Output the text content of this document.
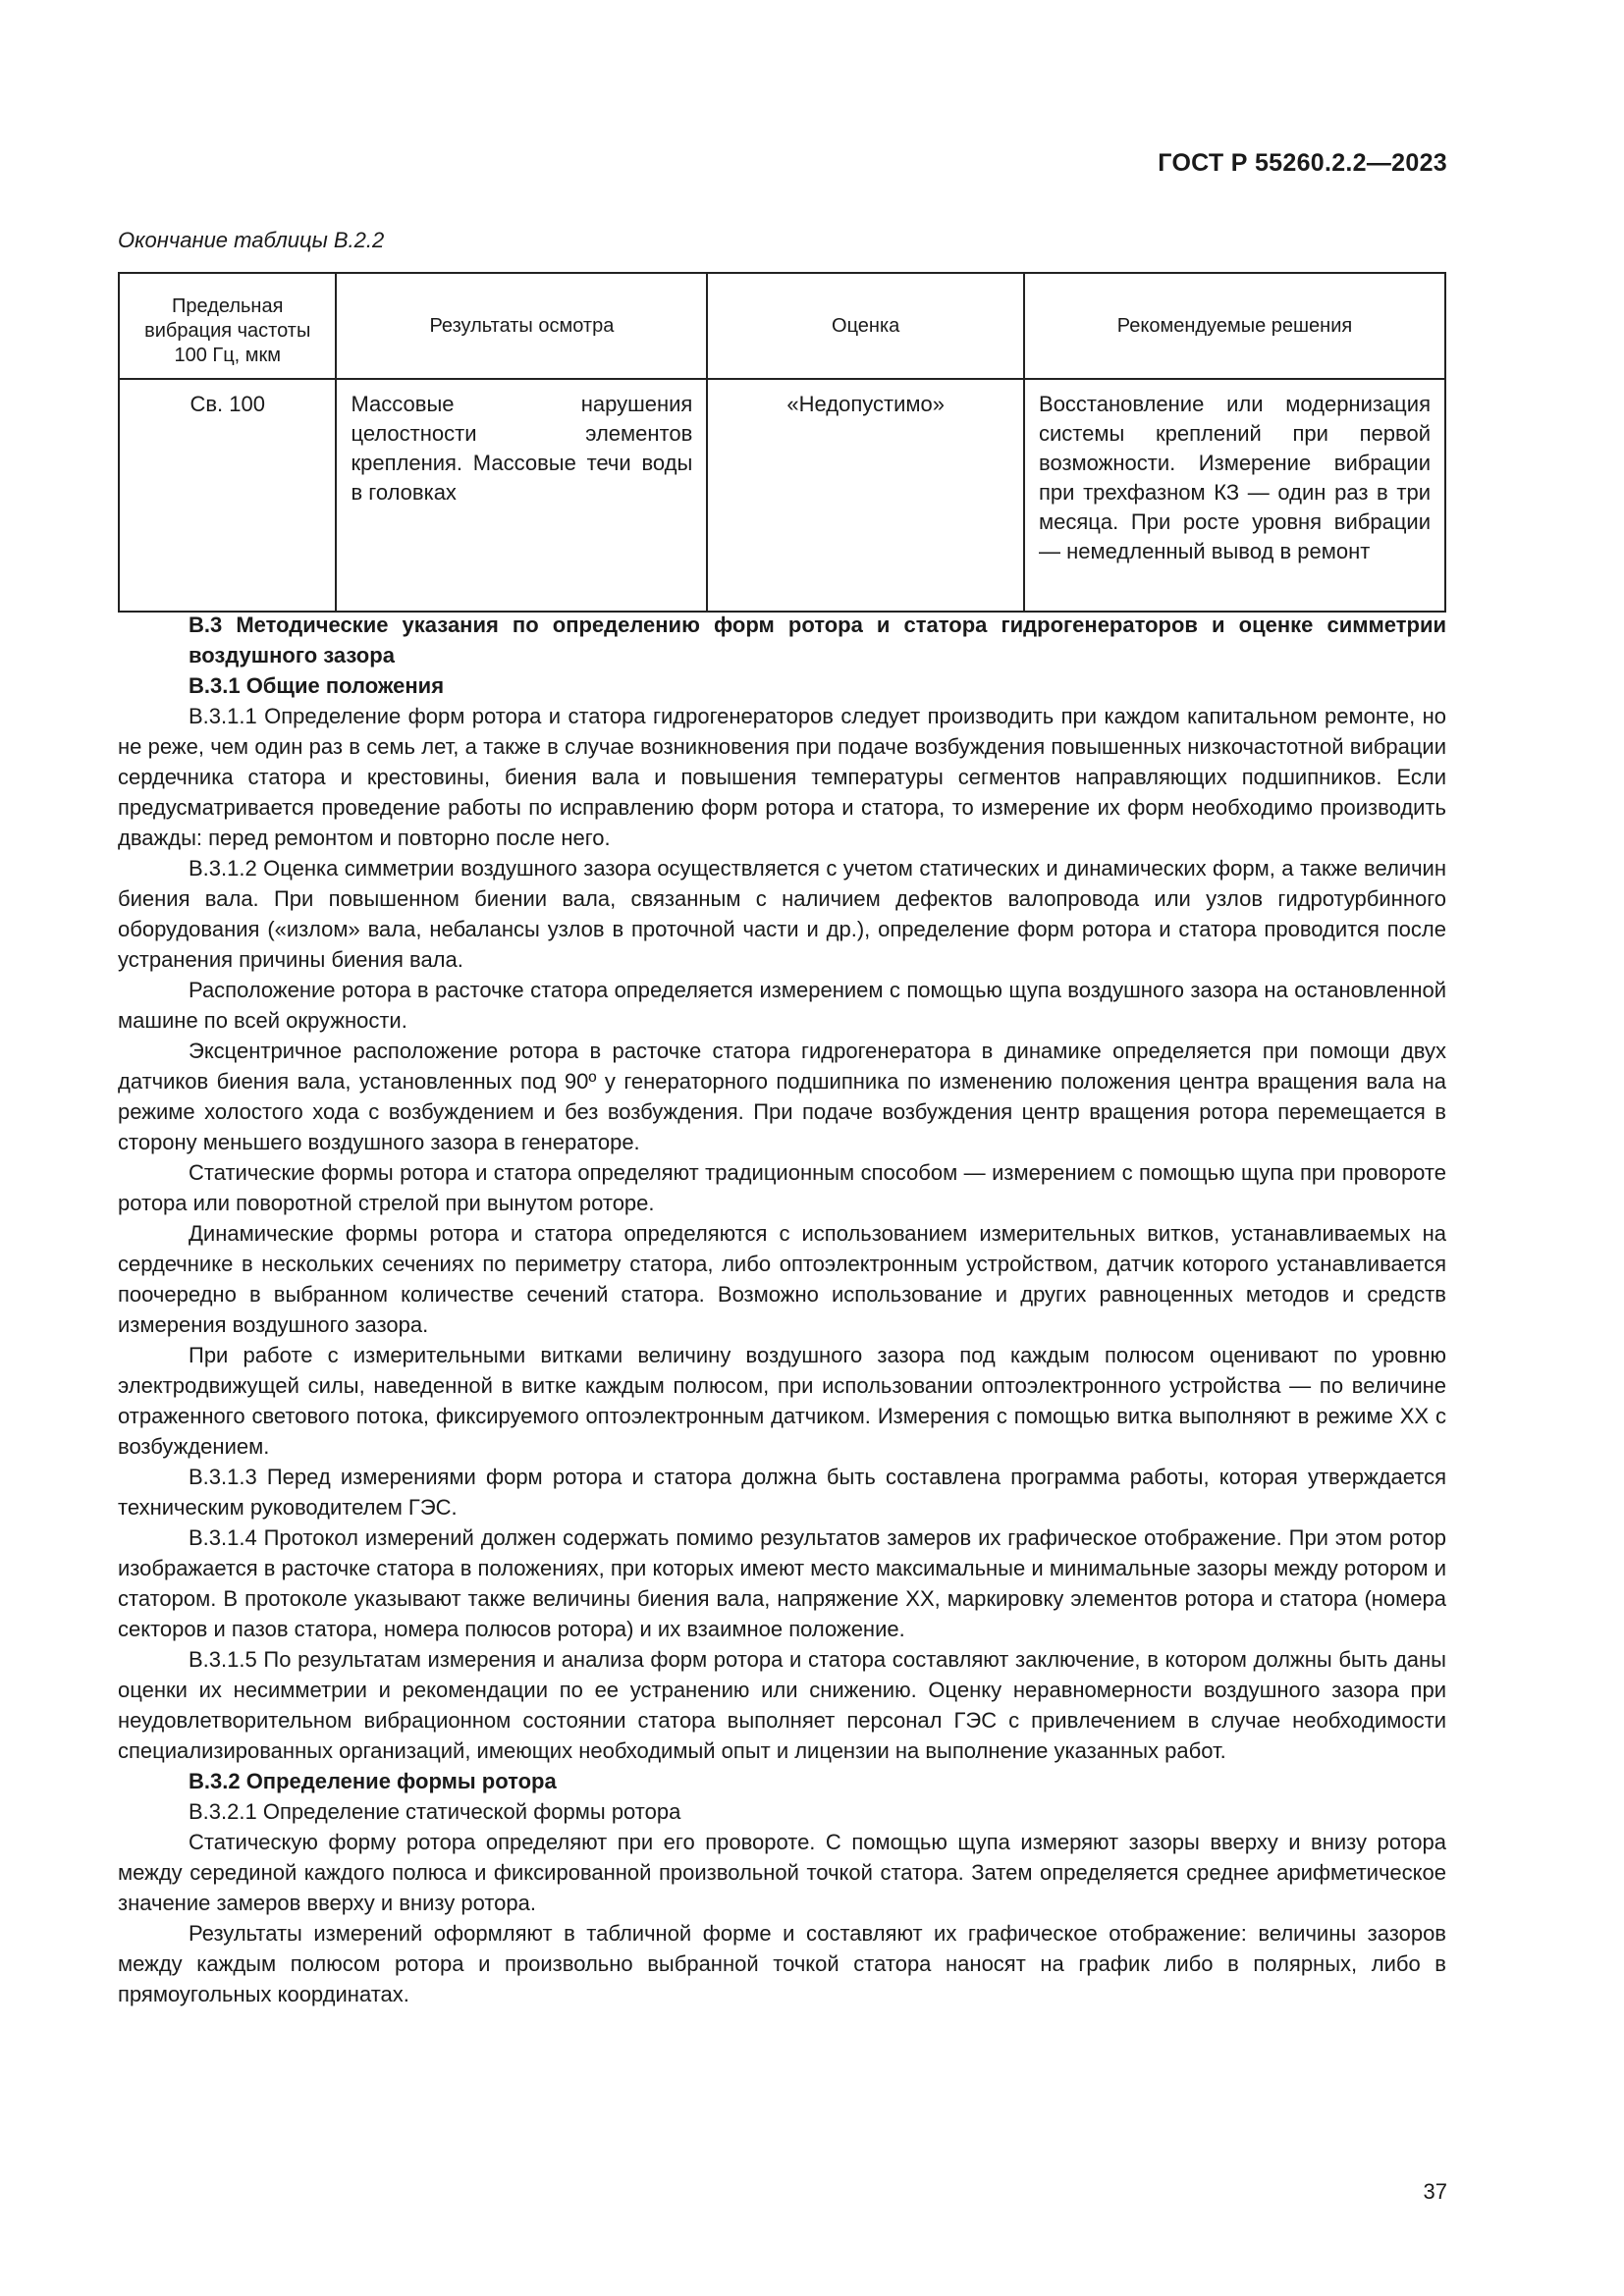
ГОСТ Р 55260.2.2—2023
Окончание таблицы В.2.2
Предельная вибрация частоты 100 Гц, мкм	Результаты осмотра	Оценка	Рекомендуемые решения

Св. 100	Массовые нарушения целостности элементов крепления. Массовые течи воды в головках	«Недопустимо»	Восстановление или модернизация системы креплений при первой возможности. Измерение вибрации при трехфазном КЗ — один раз в три месяца. При росте уровня вибрации — немедленный вывод в ремонт

В.3 Методические указания по определению форм ротора и статора гидрогенераторов и оценке симметрии воздушного зазора

В.3.1 Общие положения

В.3.1.1 Определение форм ротора и статора гидрогенераторов следует производить при каждом капитальном ремонте, но не реже, чем один раз в семь лет, а также в случае возникновения при подаче возбуждения повышенных низкочастотной вибрации сердечника статора и крестовины, биения вала и повышения температуры сегментов направляющих подшипников. Если предусматривается проведение работы по исправлению форм ротора и статора, то измерение их форм необходимо производить дважды: перед ремонтом и повторно после него.

В.3.1.2 Оценка симметрии воздушного зазора осуществляется с учетом статических и динамических форм, а также величин биения вала. При повышенном биении вала, связанным с наличием дефектов валопровода или узлов гидротурбинного оборудования («излом» вала, небалансы узлов в проточной части и др.), определение форм ротора и статора проводится после устранения причины биения вала.

Расположение ротора в расточке статора определяется измерением с помощью щупа воздушного зазора на остановленной машине по всей окружности.

Эксцентричное расположение ротора в расточке статора гидрогенератора в динамике определяется при помощи двух датчиков биения вала, установленных под 90º у генераторного подшипника по изменению положения центра вращения вала на режиме холостого хода с возбуждением и без возбуждения. При подаче возбуждения центр вращения ротора перемещается в сторону меньшего воздушного зазора в генераторе.

Статические формы ротора и статора определяют традиционным способом — измерением с помощью щупа при провороте ротора или поворотной стрелой при вынутом роторе.

Динамические формы ротора и статора определяются с использованием измерительных витков, устанавливаемых на сердечнике в нескольких сечениях по периметру статора, либо оптоэлектронным устройством, датчик которого устанавливается поочередно в выбранном количестве сечений статора. Возможно использование и других равноценных методов и средств измерения воздушного зазора.

При работе с измерительными витками величину воздушного зазора под каждым полюсом оценивают по уровню электродвижущей силы, наведенной в витке каждым полюсом, при использовании оптоэлектронного устройства — по величине отраженного светового потока, фиксируемого оптоэлектронным датчиком. Измерения с помощью витка выполняют в режиме ХХ с возбуждением.

В.3.1.3 Перед измерениями форм ротора и статора должна быть составлена программа работы, которая утверждается техническим руководителем ГЭС.

В.3.1.4 Протокол измерений должен содержать помимо результатов замеров их графическое отображение. При этом ротор изображается в расточке статора в положениях, при которых имеют место максимальные и минимальные зазоры между ротором и статором. В протоколе указывают также величины биения вала, напряжение ХХ, маркировку элементов ротора и статора (номера секторов и пазов статора, номера полюсов ротора) и их взаимное положение.

В.3.1.5 По результатам измерения и анализа форм ротора и статора составляют заключение, в котором должны быть даны оценки их несимметрии и рекомендации по ее устранению или снижению. Оценку неравномерности воздушного зазора при неудовлетворительном вибрационном состоянии статора выполняет персонал ГЭС с привлечением в случае необходимости специализированных организаций, имеющих необходимый опыт и лицензии на выполнение указанных работ.

В.3.2 Определение формы ротора

В.3.2.1 Определение статической формы ротора

Статическую форму ротора определяют при его провороте. С помощью щупа измеряют зазоры вверху и внизу ротора между серединой каждого полюса и фиксированной произвольной точкой статора. Затем определяется среднее арифметическое значение замеров вверху и внизу ротора.

Результаты измерений оформляют в табличной форме и составляют их графическое отображение: величины зазоров между каждым полюсом ротора и произвольно выбранной точкой статора наносят на график либо в полярных, либо в прямоугольных координатах.

37
